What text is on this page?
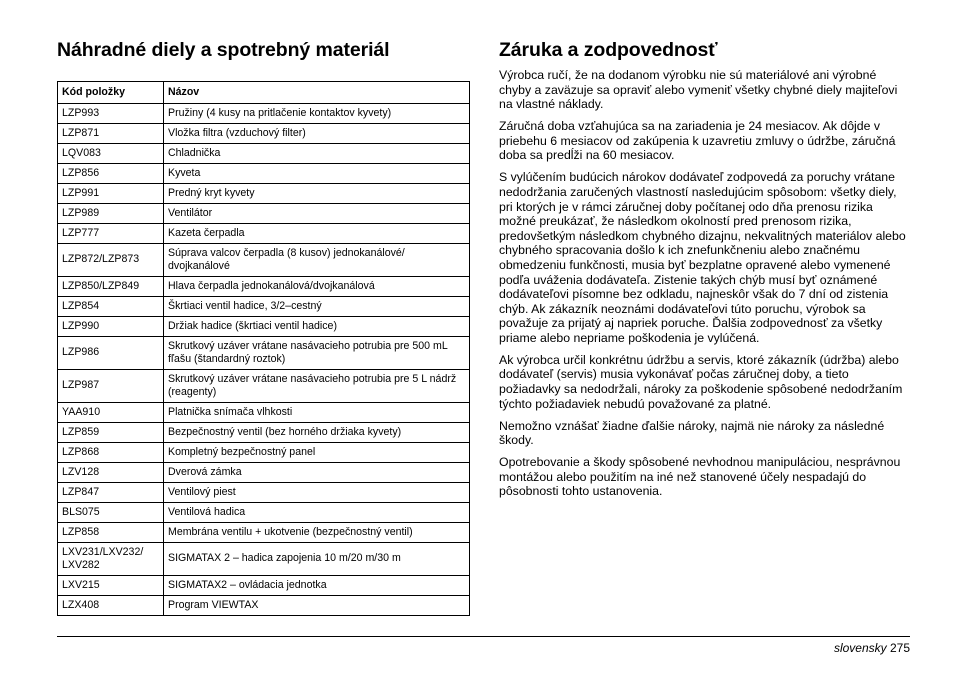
Náhradné diely a spotrebný materiál
Kód položky	Názov
LZP993	Pružiny (4 kusy na pritlačenie kontaktov kyvety)
LZP871	Vložka filtra (vzduchový filter)
LQV083	Chladnička
LZP856	Kyveta
LZP991	Predný kryt kyvety
LZP989	Ventilátor
LZP777	Kazeta čerpadla
LZP872/LZP873	Súprava valcov čerpadla (8 kusov) jednokanálové/ dvojkanálové
LZP850/LZP849	Hlava čerpadla jednokanálová/dvojkanálová
LZP854	Škrtiaci ventil hadice, 3/2–cestný
LZP990	Držiak hadice (škrtiaci ventil hadice)
LZP986	Skrutkový uzáver vrátane nasávacieho potrubia pre 500 mL fľašu (štandardný roztok)
LZP987	Skrutkový uzáver vrátane nasávacieho potrubia pre 5 L nádrž (reagenty)
YAA910	Platnička snímača vlhkosti
LZP859	Bezpečnostný ventil (bez horného držiaka kyvety)
LZP868	Kompletný bezpečnostný panel
LZV128	Dverová zámka
LZP847	Ventilový piest
BLS075	Ventilová hadica
LZP858	Membrána ventilu + ukotvenie (bezpečnostný ventil)
LXV231/LXV232/ LXV282	SIGMATAX 2 – hadica zapojenia 10 m/20 m/30 m
LXV215	SIGMATAX2 – ovládacia jednotka
LZX408	Program VIEWTAX
Záruka a zodpovednosť

Výrobca ručí, že na dodanom výrobku nie sú materiálové ani výrobné chyby a zaväzuje sa opraviť alebo vymeniť všetky chybné diely majiteľovi na vlastné náklady.

Záručná doba vzťahujúca sa na zariadenia je 24 mesiacov. Ak dôjde v priebehu 6 mesiacov od zakúpenia k uzavretiu zmluvy o údržbe, záručná doba sa predĺži na 60 mesiacov.

S vylúčením budúcich nárokov dodávateľ zodpovedá za poruchy vrátane nedodržania zaručených vlastností nasledujúcim spôsobom: všetky diely, pri ktorých je v rámci záručnej doby počítanej odo dňa prenosu rizika možné preukázať, že následkom okolností pred prenosom rizika, predovšetkým následkom chybného dizajnu, nekvalitných materiálov alebo chybného spracovania došlo k ich znefunkčneniu alebo značnému obmedzeniu funkčnosti, musia byť bezplatne opravené alebo vymenené podľa uváženia dodávateľa. Zistenie takých chýb musí byť oznámené dodávateľovi písomne bez odkladu, najneskôr však do 7 dní od zistenia chýb. Ak zákazník neoznámi dodávateľovi túto poruchu, výrobok sa považuje za prijatý aj napriek poruche. Ďalšia zodpovednosť za všetky priame alebo nepriame poškodenia je vylúčená.

Ak výrobca určil konkrétnu údržbu a servis, ktoré zákazník (údržba) alebo dodávateľ (servis) musia vykonávať počas záručnej doby, a tieto požiadavky sa nedodržali, nároky za poškodenie spôsobené nedodržaním týchto požiadaviek nebudú považované za platné.

Nemožno vznášať žiadne ďalšie nároky, najmä nie nároky za následné škody.

Opotrebovanie a škody spôsobené nevhodnou manipuláciou, nesprávnou montážou alebo použitím na iné než stanovené účely nespadajú do pôsobnosti tohto ustanovenia.

slovensky 275
